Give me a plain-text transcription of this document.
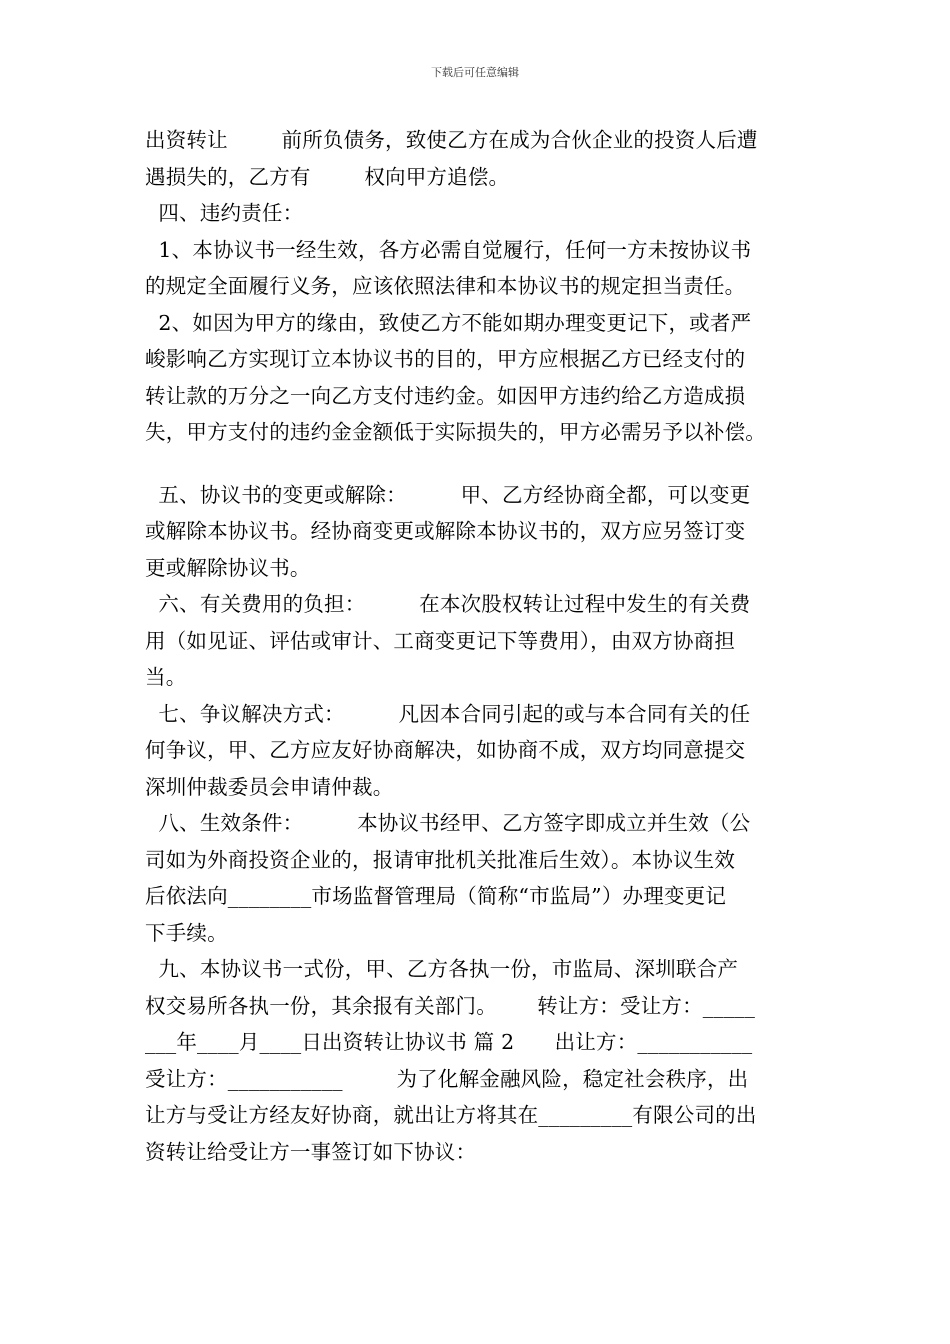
下载后可任意编辑
出资转让        前所负债务，致使乙方在成为合伙企业的投资人后遭
遇损失的，乙方有        权向甲方追偿。
四、违约责任：
1、本协议书一经生效，各方必需自觉履行，任何一方未按协议书
的规定全面履行义务，应该依照法律和本协议书的规定担当责任。
2、如因为甲方的缘由，致使乙方不能如期办理变更记下，或者严
峻影响乙方实现订立本协议书的目的，甲方应根据乙方已经支付的
转让款的万分之一向乙方支付违约金。如因甲方违约给乙方造成损
失，甲方支付的违约金金额低于实际损失的，甲方必需另予以补偿。
五、协议书的变更或解除：        甲、乙方经协商全都，可以变更
或解除本协议书。经协商变更或解除本协议书的，双方应另签订变
更或解除协议书。
六、有关费用的负担：        在本次股权转让过程中发生的有关费
用（如见证、评估或审计、工商变更记下等费用），由双方协商担
当。
七、争议解决方式：        凡因本合同引起的或与本合同有关的任
何争议，甲、乙方应友好协商解决，如协商不成，双方均同意提交
深圳仲裁委员会申请仲裁。
八、生效条件：        本协议书经甲、乙方签字即成立并生效（公
司如为外商投资企业的，报请审批机关批准后生效）。本协议生效
后依法向________市场监督管理局（简称“市监局”）办理变更记
下手续。
九、本协议书一式份，甲、乙方各执一份，市监局、深圳联合产
权交易所各执一份，其余报有关部门。      转让方：受让方：_____
___年____月____日出资转让协议书 篇 2      出让方：___________
受让方：___________        为了化解金融风险，稳定社会秩序，出
让方与受让方经友好协商，就出让方将其在_________有限公司的出
资转让给受让方一事签订如下协议：
